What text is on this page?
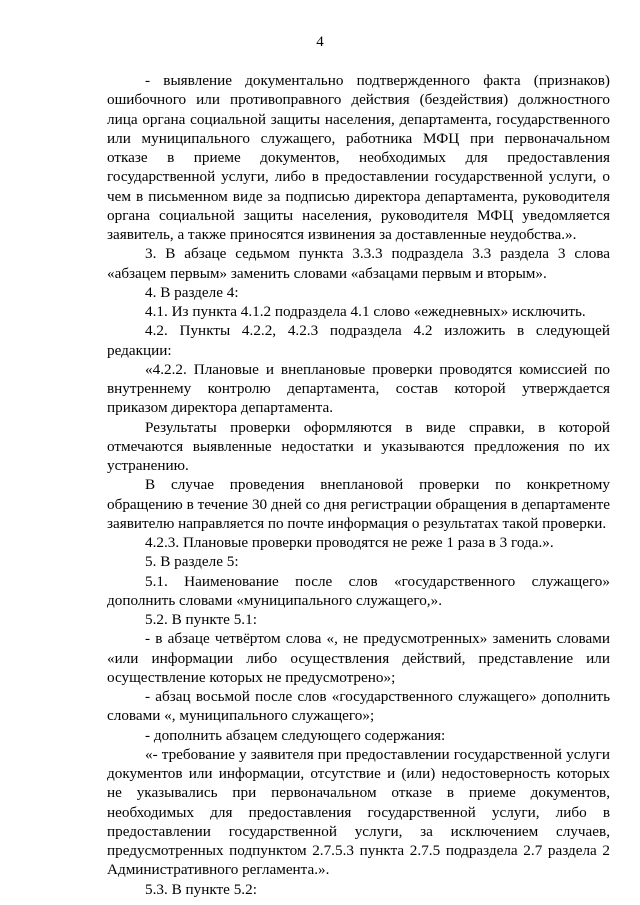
4

- выявление документально подтвержденного факта (признаков) ошибочного или противоправного действия (бездействия) должностного лица органа социальной защиты населения, департамента, государственного или муниципального служащего, работника МФЦ при первоначальном отказе в приеме документов, необходимых для предоставления государственной услуги, либо в предоставлении государственной услуги, о чем в письменном виде за подписью директора департамента, руководителя органа социальной защиты населения, руководителя МФЦ уведомляется заявитель, а также приносятся извинения за доставленные неудобства.».

3. В абзаце седьмом пункта 3.3.3 подраздела 3.3 раздела 3 слова «абзацем первым» заменить словами «абзацами первым и вторым».

4. В разделе 4:

4.1. Из пункта 4.1.2 подраздела 4.1 слово «ежедневных» исключить.

4.2. Пункты 4.2.2, 4.2.3 подраздела 4.2 изложить в следующей редакции:

«4.2.2. Плановые и внеплановые проверки проводятся комиссией по внутреннему контролю департамента, состав которой утверждается приказом директора департамента.

Результаты проверки оформляются в виде справки, в которой отмечаются выявленные недостатки и указываются предложения по их устранению.

В случае проведения внеплановой проверки по конкретному обращению в течение 30 дней со дня регистрации обращения в департаменте заявителю направляется по почте информация о результатах такой проверки.

4.2.3. Плановые проверки проводятся не реже 1 раза в 3 года.».

5. В разделе 5:

5.1. Наименование после слов «государственного служащего» дополнить словами «муниципального служащего,».

5.2. В пункте 5.1:

- в абзаце четвёртом слова «, не предусмотренных» заменить словами «или информации либо осуществления действий, представление или осуществление которых не предусмотрено»;

- абзац восьмой после слов «государственного служащего» дополнить словами «, муниципального служащего»;

- дополнить абзацем следующего содержания:

«- требование у заявителя при предоставлении государственной услуги документов или информации, отсутствие и (или) недостоверность которых не указывались при первоначальном отказе в приеме документов, необходимых для предоставления государственной услуги, либо в предоставлении государственной услуги, за исключением случаев, предусмотренных подпунктом 2.7.5.3 пункта 2.7.5 подраздела 2.7 раздела 2 Административного регламента.».

5.3. В пункте 5.2:
